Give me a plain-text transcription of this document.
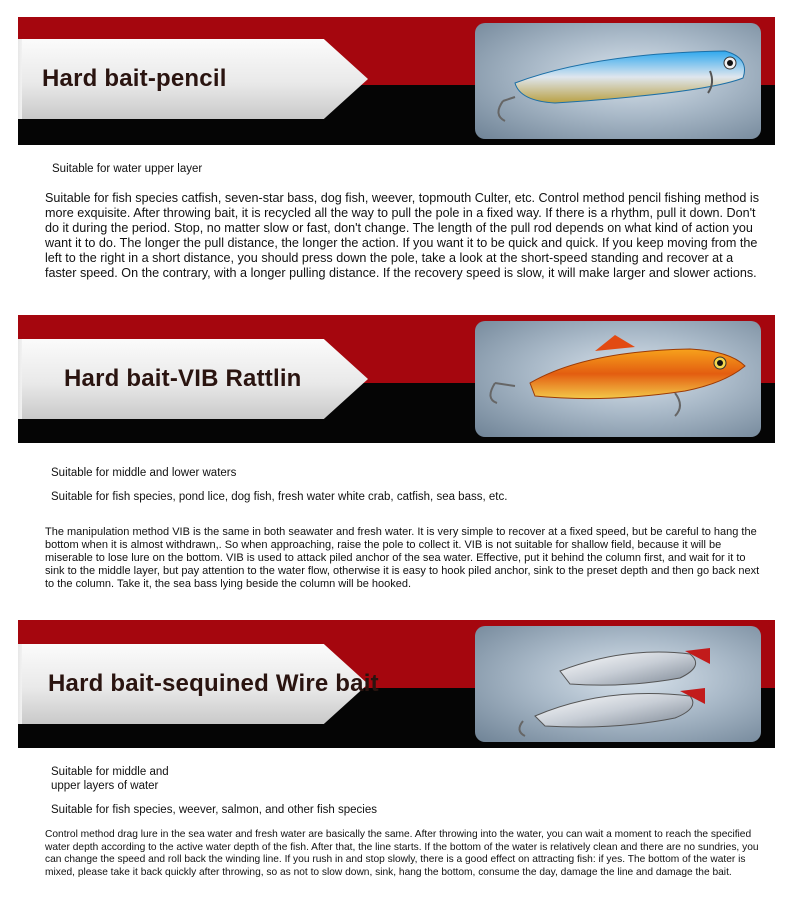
Hard bait-pencil

Suitable for water upper layer

Suitable for fish species catfish, seven-star bass, dog fish, weever, topmouth Culter, etc. Control method pencil fishing method is more exquisite. After throwing bait, it is recycled all the way to pull the pole in a fixed way. If there is a rhythm, pull it down. Don't do it during the period. Stop, no matter slow or fast, don't change. The length of the pull rod depends on what kind of action you want it to do. The longer the pull distance, the longer the action. If you want it to be quick and quick. If you keep moving from the left to the right in a short distance, you should press down the pole, take a look at the short-speed standing and recover at a faster speed. On the contrary, with a longer pulling distance. If the recovery speed is slow, it will make larger and slower actions.

Hard bait-VIB Rattlin

Suitable for middle and lower waters

Suitable for fish species, pond lice, dog fish, fresh water white crab, catfish, sea bass, etc.

The manipulation method VIB is the same in both seawater and fresh water. It is very simple to recover at a fixed speed, but be careful to hang the bottom when it is almost withdrawn,. So when approaching, raise the pole to collect it. VIB is not suitable for shallow field, because it will be miserable to lose lure on the bottom. VIB is used to attack piled anchor of the sea water. Effective, put it behind the column first, and wait for it to sink to the middle layer, but pay attention to the water flow, otherwise it is easy to hook piled anchor, sink to the preset depth and then go back next to the column. Take it, the sea bass lying beside the column will be hooked.

Hard bait-sequined Wire bait

Suitable for middle and upper layers of water

Suitable for fish species, weever, salmon, and other fish species

Control method drag lure in the sea water and fresh water are basically the same. After throwing into the water, you can wait a moment to reach the specified water depth according to the active water depth of the fish. After that, the line starts. If the bottom of the water is relatively clean and there are no sundries, you can change the speed and roll back the winding line. If you rush in and stop slowly, there is a good effect on attracting fish: if yes. The bottom of the water is mixed, please take it back quickly after throwing, so as not to slow down, sink, hang the bottom, consume the day, damage the line and damage the bait.
